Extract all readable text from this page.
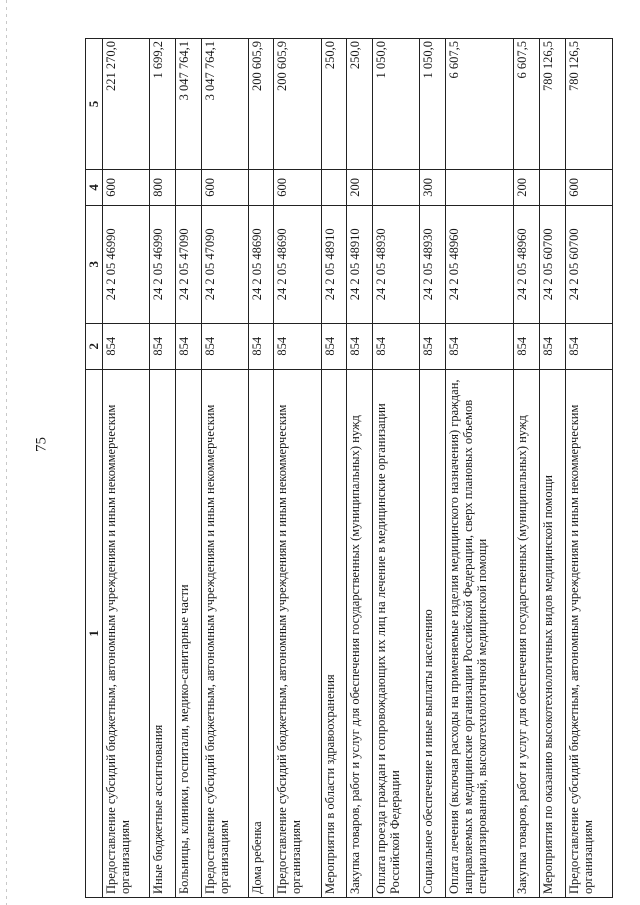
75
1	2	3	4	5
Предоставление субсидий бюджетным, автономным учреждениям и иным некоммерческим организациям	854	24 2 05 46990	600	221 270,0
Иные бюджетные ассигнования	854	24 2 05 46990	800	1 699,2
Больницы, клиники, госпитали, медико-санитарные части	854	24 2 05 47090		3 047 764,1
Предоставление субсидий бюджетным, автономным учреждениям и иным некоммерческим организациям	854	24 2 05 47090	600	3 047 764,1
Дома ребенка	854	24 2 05 48690		200 605,9
Предоставление субсидий бюджетным, автономным учреждениям и иным некоммерческим организациям	854	24 2 05 48690	600	200 605,9
Мероприятия в области здравоохранения	854	24 2 05 48910		250,0
Закупка товаров, работ и услуг для обеспечения государственных (муниципальных) нужд	854	24 2 05 48910	200	250,0
Оплата проезда граждан и сопровождающих их лиц на лечение в медицинские организации Российской Федерации	854	24 2 05 48930		1 050,0
Социальное обеспечение и иные выплаты населению	854	24 2 05 48930	300	1 050,0
Оплата лечения (включая расходы на применяемые изделия медицинского назначения) граждан, направляемых в медицинские организации Российской Федерации, сверх плановых объемов специализированной, высокотехнологичной медицинской помощи	854	24 2 05 48960		6 607,5
Закупка товаров, работ и услуг для обеспечения государственных (муниципальных) нужд	854	24 2 05 48960	200	6 607,5
Мероприятия по оказанию высокотехнологичных видов медицинской помощи	854	24 2 05 60700		780 126,5
Предоставление субсидий бюджетным, автономным учреждениям и иным некоммерческим организациям	854	24 2 05 60700	600	780 126,5
